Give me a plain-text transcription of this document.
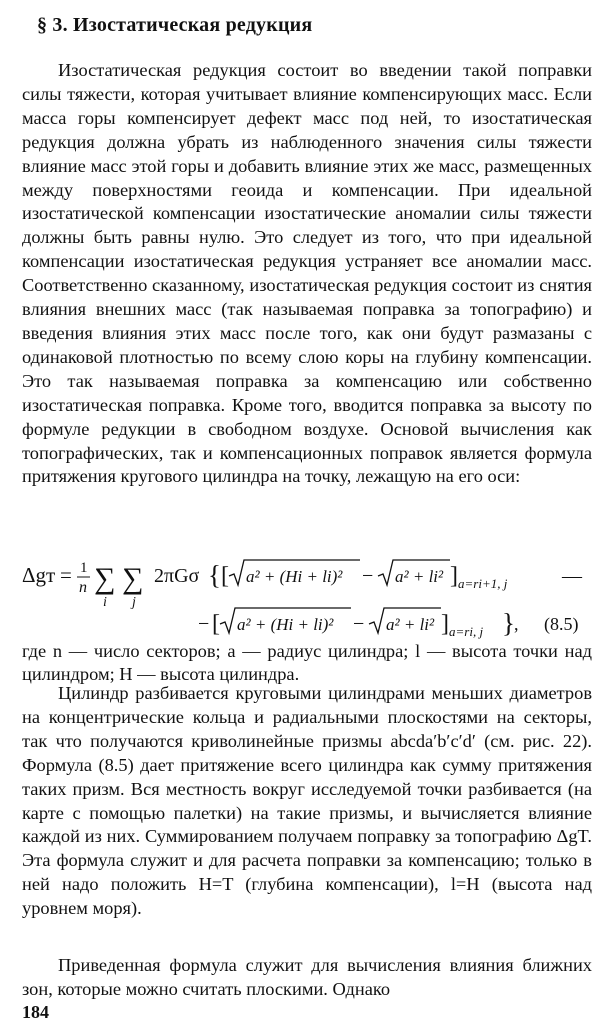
§ 3. Изостатическая редукция

Изостатическая редукция состоит во введении такой поправки силы тяжести, которая учитывает влияние компенсирующих масс. Если масса горы компенсирует дефект масс под ней, то изостатическая редукция должна убрать из наблюденного значения силы тяжести влияние масс этой горы и добавить влияние этих же масс, размещенных между поверхностями геоида и компенсации. При идеальной изостатической компенсации изостатические аномалии силы тяжести должны быть равны нулю. Это следует из того, что при идеальной компенсации изостатическая редукция устраняет все аномалии масс. Соответственно сказанному, изостатическая редукция состоит из снятия влияния внешних масс (так называемая поправка за топографию) и введения влияния этих масс после того, как они будут размазаны с одинаковой плотностью по всему слою коры на глубину компенсации. Это так называемая поправка за компенсацию или собственно изостатическая поправка. Кроме того, вводится поправка за высоту по формуле редукции в свободном воздухе. Основой вычисления как топографических, так и компенсационных поправок является формула притяжения кругового цилиндра на точку, лежащую на его оси:

Δgт = 1
n ∑
i
∑
j
2πGσ { [ a² + (Hi + li)² − a² + li² ] a=ri+1, j	—
− [ a² + (Hi + li)² − a² + li² ] a=ri, j } , (8.5)

где n — число секторов; a — радиус цилиндра; l — высота точки над цилиндром; H — высота цилиндра.

Цилиндр разбивается круговыми цилиндрами меньших диаметров на концентрические кольца и радиальными плоскостями на секторы, так что получаются криволинейные призмы abcda′b′c′d′ (см. рис. 22). Формула (8.5) дает притяжение всего цилиндра как сумму притяжения таких призм. Вся местность вокруг исследуемой точки разбивается (на карте с помощью палетки) на такие призмы, и вычисляется влияние каждой из них. Суммированием получаем поправку за топографию ΔgT. Эта формула служит и для расчета поправки за компенсацию; только в ней надо положить H=T (глубина компенсации), l=H (высота над уровнем моря).

Приведенная формула служит для вычисления влияния ближних зон, которые можно считать плоскими. Однако

184
